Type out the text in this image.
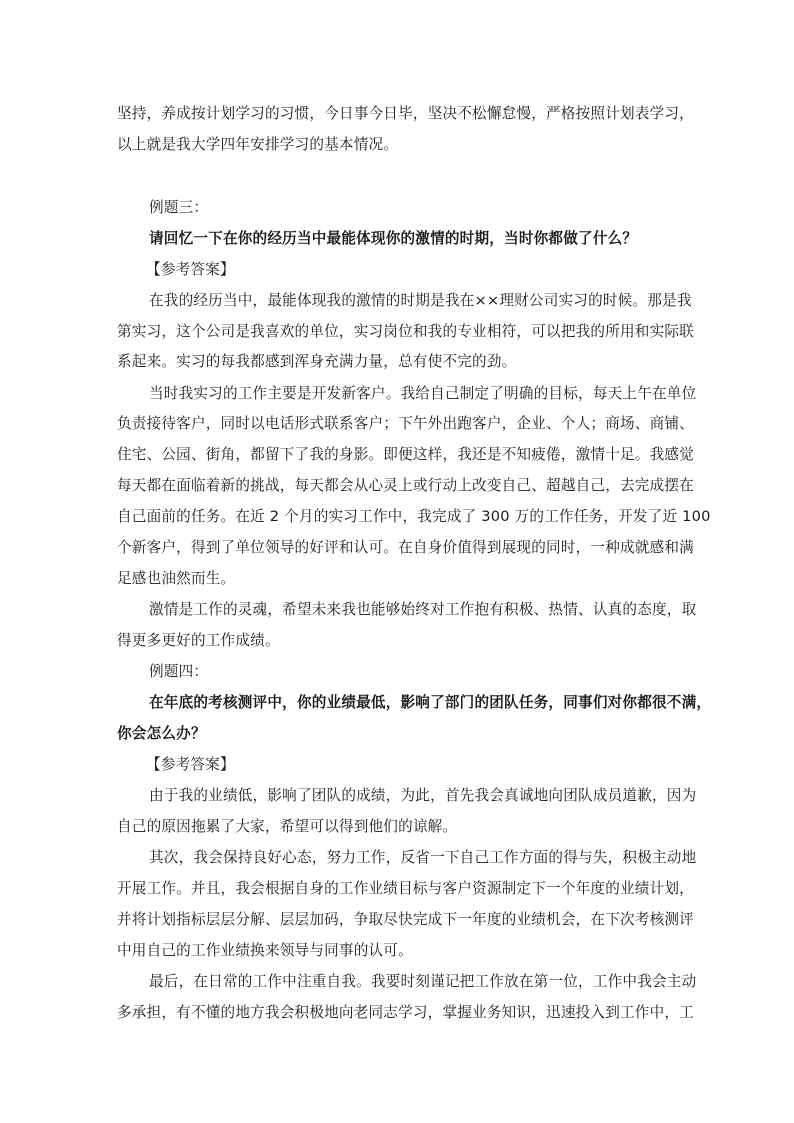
坚持，养成按计划学习的习惯，今日事今日毕，坚决不松懈怠慢，严格按照计划表学习，
以上就是我大学四年安排学习的基本情况。
例题三：
请回忆一下在你的经历当中最能体现你的激情的时期，当时你都做了什么？
【参考答案】
在我的经历当中，最能体现我的激情的时期是我在××理财公司实习的时候。那是我
第实习，这个公司是我喜欢的单位，实习岗位和我的专业相符，可以把我的所用和实际联
系起来。实习的每我都感到浑身充满力量，总有使不完的劲。
当时我实习的工作主要是开发新客户。我给自己制定了明确的目标，每天上午在单位
负责接待客户，同时以电话形式联系客户；下午外出跑客户，企业、个人；商场、商铺、
住宅、公园、街角，都留下了我的身影。即便这样，我还是不知疲倦，激情十足。我感觉
每天都在面临着新的挑战，每天都会从心灵上或行动上改变自己、超越自己，去完成摆在
自己面前的任务。在近 2 个月的实习工作中，我完成了 300 万的工作任务，开发了近 100
个新客户，得到了单位领导的好评和认可。在自身价值得到展现的同时，一种成就感和满
足感也油然而生。
激情是工作的灵魂，希望未来我也能够始终对工作抱有积极、热情、认真的态度，取
得更多更好的工作成绩。
例题四：
在年底的考核测评中，你的业绩最低，影响了部门的团队任务，同事们对你都很不满，
你会怎么办？
【参考答案】
由于我的业绩低，影响了团队的成绩，为此，首先我会真诚地向团队成员道歉，因为
自己的原因拖累了大家，希望可以得到他们的谅解。
其次，我会保持良好心态，努力工作，反省一下自己工作方面的得与失，积极主动地
开展工作。并且，我会根据自身的工作业绩目标与客户资源制定下一个年度的业绩计划，
并将计划指标层层分解、层层加码，争取尽快完成下一年度的业绩机会，在下次考核测评
中用自己的工作业绩换来领导与同事的认可。
最后，在日常的工作中注重自我。我要时刻谨记把工作放在第一位，工作中我会主动
多承担，有不懂的地方我会积极地向老同志学习，掌握业务知识，迅速投入到工作中，工
